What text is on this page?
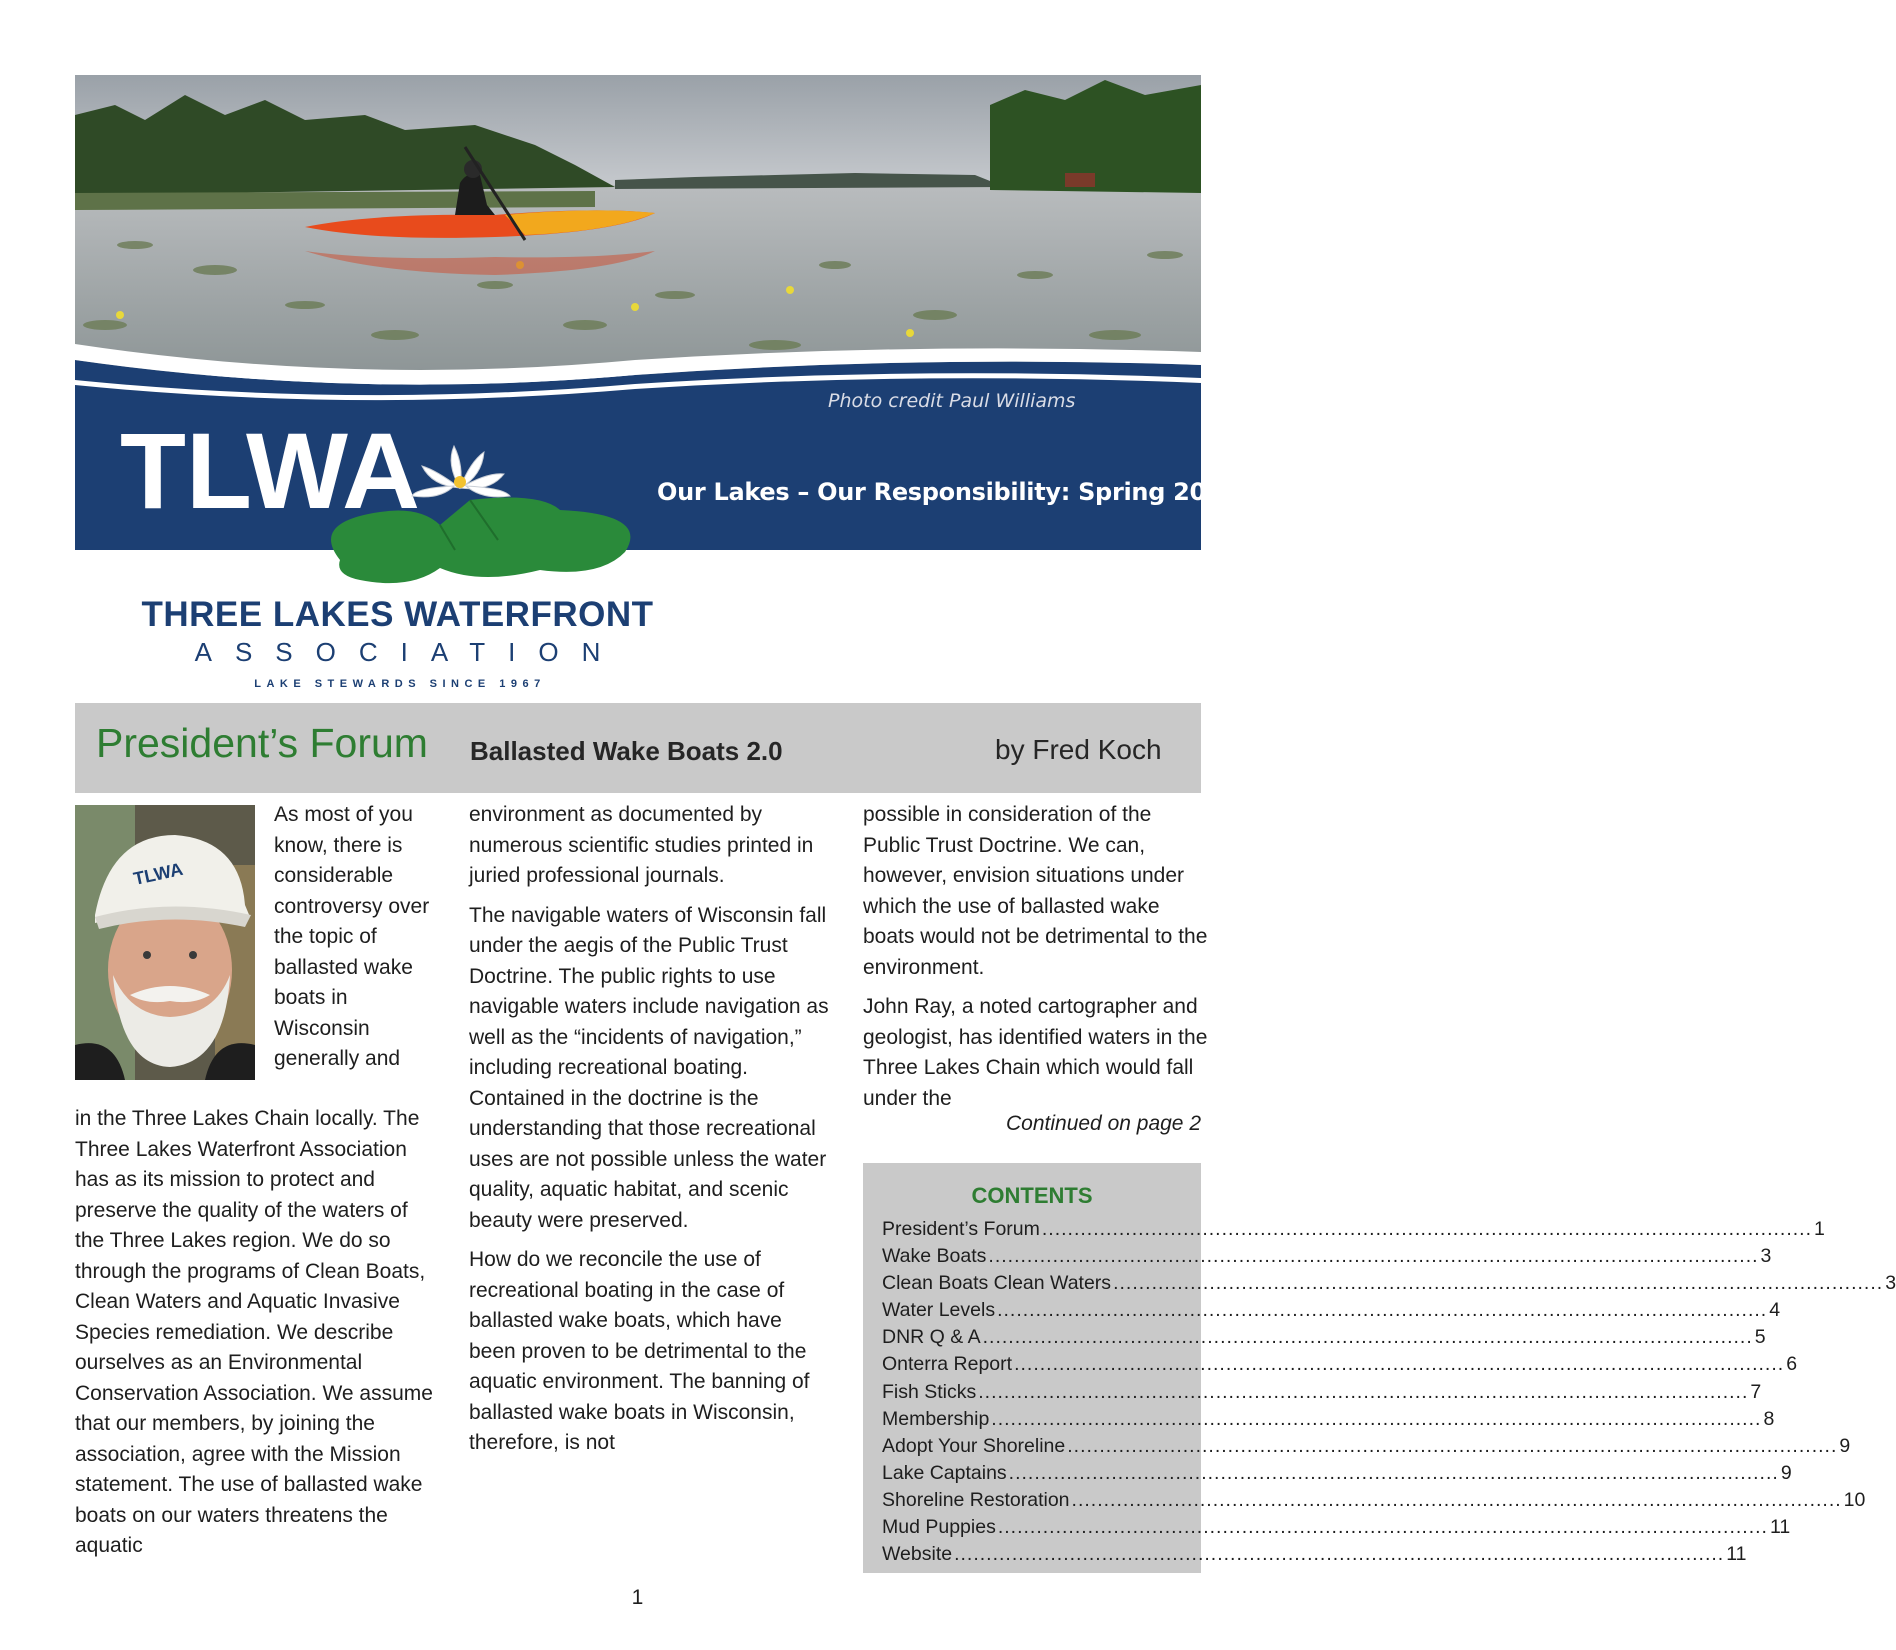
Photo credit Paul Williams
Our Lakes – Our Responsibility: Spring 2025
TLWA
THREE LAKES WATERFRONT
ASSOCIATION
LAKE STEWARDS SINCE 1967
President’s Forum Ballasted Wake Boats 2.0	by Fred Koch
TLWA

As most of you know, there is considerable controversy over the topic of ballasted wake boats in Wisconsin generally and

in the Three Lakes Chain locally. The Three Lakes Waterfront Association has as its mission to protect and preserve the quality of the waters of the Three Lakes region. We do so through the programs of Clean Boats, Clean Waters and Aquatic Invasive Species remediation. We describe ourselves as an Environmental Conservation Association. We assume that our members, by joining the association, agree with the Mission statement. The use of ballasted wake boats on our waters threatens the aquatic

environment as documented by numerous scientific studies printed in juried professional journals.

The navigable waters of Wisconsin fall under the aegis of the Public Trust Doctrine. The public rights to use navigable waters include navigation as well as the “incidents of navigation,” including recreational boating. Contained in the doctrine is the understanding that those recreational uses are not possible unless the water quality, aquatic habitat, and scenic beauty were preserved.

How do we reconcile the use of recreational boating in the case of ballasted wake boats, which have been proven to be detrimental to the aquatic environment. The banning of ballasted wake boats in Wisconsin, therefore, is not

possible in consideration of the Public Trust Doctrine. We can, however, envision situations under which the use of ballasted wake boats would not be detrimental to the environment.

John Ray, a noted cartographer and geologist, has identified waters in the Three Lakes Chain which would fall under the

Continued on page 2
CONTENTS
President’s Forum ........................................................................................................................ 1
Wake Boats ........................................................................................................................ 3
Clean Boats Clean Waters ........................................................................................................................ 3
Water Levels ........................................................................................................................ 4
DNR Q & A ........................................................................................................................ 5
Onterra Report ........................................................................................................................ 6
Fish Sticks ........................................................................................................................ 7
Membership ........................................................................................................................ 8
Adopt Your Shoreline ........................................................................................................................ 9
Lake Captains ........................................................................................................................ 9
Shoreline Restoration ........................................................................................................................ 10
Mud Puppies ........................................................................................................................ 11
Website ........................................................................................................................ 11
1
